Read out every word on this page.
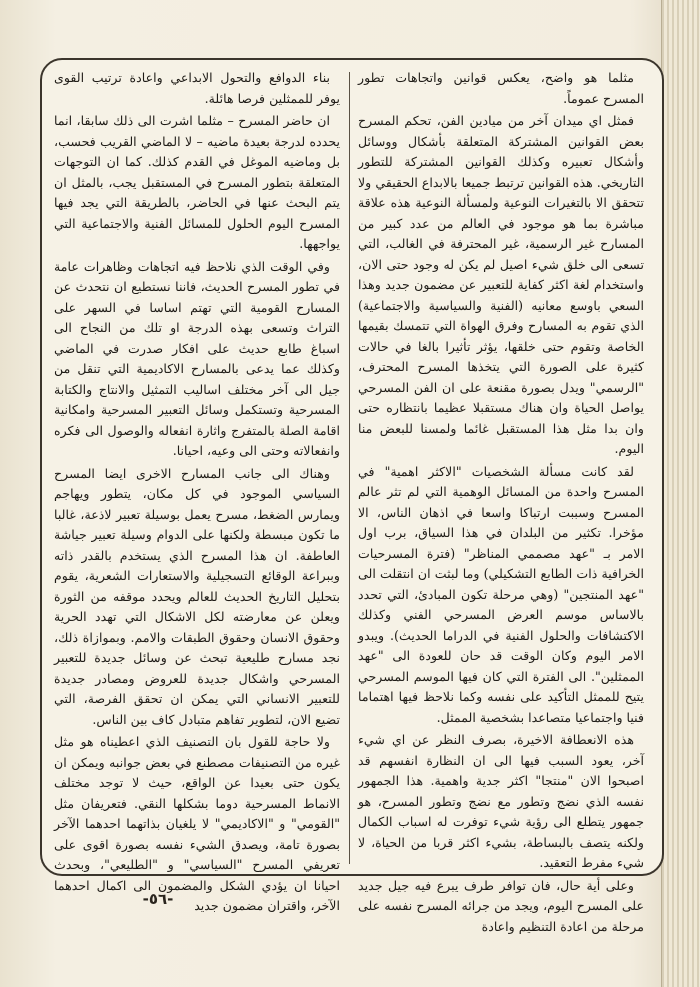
مثلما هو واضح، يعكس قوانين واتجاهات تطور المسرح عموماً.

فمثل اي ميدان آخر من ميادين الفن، تحكم المسرح بعض القوانين المشتركة المتعلقة بأشكال ووسائل وأشكال تعبيره وكذلك القوانين المشتركة للتطور التاريخي. هذه القوانين ترتبط جميعا بالابداع الحقيقي ولا تتحقق الا بالتغيرات النوعية ولمسألة النوعية هذه علاقة مباشرة بما هو موجود في العالم من عدد كبير من المسارح غير الرسمية، غير المحترفة في الغالب، التي تسعى الى خلق شيء اصيل لم يكن له وجود حتى الان، واستخدام لغة اكثر كفاية للتعبير عن مضمون جديد وهذا السعي باوسع معانيه (الفنية والسياسية والاجتماعية) الذي تقوم به المسارح وفرق الهواة التي تتمسك بقيمها الخاصة وتقوم حتى خلقها، يؤثر تأثيرا بالغا في حالات كثيرة على الصورة التي يتخذها المسرح المحترف، "الرسمي" ويدل بصورة مقنعة على ان الفن المسرحي يواصل الحياة وان هناك مستقبلا عظيما بانتظاره حتى وان بدا مثل هذا المستقبل غائما ولمسنا للبعض منا اليوم.

لقد كانت مسألة الشخصيات "الاكثر اهمية" في المسرح واحدة من المسائل الوهمية التي لم تثر عالم المسرح وسببت ارتباكا واسعا في اذهان الناس، الا مؤخرا. تكثير من البلدان في هذا السياق، برب اول الامر بـ "عهد مصممي المناظر" (فترة المسرحيات الخرافية ذات الطابع التشكيلي) وما لبثت ان انتقلت الى "عهد المنتجين" (وهي مرحلة تكون المبادئ، التي تحدد بالاساس موسم العرض المسرحي الفني وكذلك الاكتشافات والحلول الفنية في الدراما الحديث). ويبدو الامر اليوم وكان الوقت قد حان للعودة الى "عهد الممثلين". الى الفترة التي كان فيها الموسم المسرحي يتيح للممثل التأكيد على نفسه وكما نلاحظ فيها اهتماما فنيا واجتماعيا متصاعدا بشخصية الممثل.

هذه الانعطافة الاخيرة، بصرف النظر عن اي شيء آخر، يعود السبب فيها الى ان النظارة انفسهم قد اصبحوا الان "منتجا" اكثر جدية واهمية. هذا الجمهور نفسه الذي نضج وتطور مع نضج وتطور المسرح، هو جمهور يتطلع الى رؤية شيء توفرت له اسباب الكمال ولكنه يتصف بالبساطة، بشيء اكثر قربا من الحياة، لا شيء مفرط التعقيد.

وعلى أية حال، فان توافر طرف يبرع فيه جيل جديد على المسرح اليوم، ويجد من جرائه المسرح نفسه على مرحلة من اعادة التنظيم واعادة

بناء الدوافع والتحول الابداعي واعادة ترتيب القوى يوفر للممثلين فرصا هائلة.

ان حاضر المسرح – مثلما اشرت الى ذلك سابقا، انما يحدده لدرجة بعيدة ماضيه – لا الماضي القريب فحسب، بل وماضيه الموغل في القدم كذلك. كما ان التوجهات المتعلقة بتطور المسرح في المستقبل يجب، بالمثل ان يتم البحث عنها في الحاضر، بالطريقة التي يجد فيها المسرح اليوم الحلول للمسائل الفنية والاجتماعية التي يواجهها.

وفي الوقت الذي نلاحظ فيه اتجاهات وظاهرات عامة في تطور المسرح الحديث، فاننا نستطيع ان نتحدث عن المسارح القومية التي تهتم اساسا في السهر على التراث وتسعى بهذه الدرجة او تلك من النجاح الى اسباغ طابع حديث على افكار صدرت في الماضي وكذلك عما يدعى بالمسارح الاكاديمية التي تنقل من جيل الى آخر مختلف اساليب التمثيل والانتاج والكتابة المسرحية وتستكمل وسائل التعبير المسرحية وامكانية اقامة الصلة بالمتفرج واثارة انفعاله والوصول الى فكره وانفعالاته وحتى الى وعيه، احيانا.

وهناك الى جانب المسارح الاخرى ايضا المسرح السياسي الموجود في كل مكان، يتطور ويهاجم ويمارس الضغط، مسرح يعمل بوسيلة تعبير لاذعة، غالبا ما تكون مبسطة ولكنها على الدوام وسيلة تعبير جياشة العاطفة. ان هذا المسرح الذي يستخدم بالقدر ذاته وببراعة الوقائع التسجيلية والاستعارات الشعرية، يقوم بتحليل التاريخ الحديث للعالم ويحدد موقفه من الثورة ويعلن عن معارضته لكل الاشكال التي تهدد الحرية وحقوق الانسان وحقوق الطبقات والامم. وبموازاة ذلك، نجد مسارح طليعية تبحث عن وسائل جديدة للتعبير المسرحي واشكال جديدة للعروض ومصادر جديدة للتعبير الانساني التي يمكن ان تحقق الفرصة، التي تضيع الان، لتطوير تفاهم متبادل كاف بين الناس.

ولا حاجة للقول بان التصنيف الذي اعطيناه هو مثل غيره من التصنيفات مصطنع في بعض جوانبه ويمكن ان يكون حتى بعيدا عن الواقع، حيث لا توجد مختلف الانماط المسرحية دوما بشكلها النقي. فتعريفان مثل "القومي" و "الاكاديمي" لا يلغيان بذاتهما احدهما الآخر بصورة تامة، ويصدق الشيء نفسه بصورة اقوى على تعريفي المسرح "السياسي" و "الطليعي"، وبحدث احيانا ان يؤدي الشكل والمضمون الى اكمال احدهما الآخر، واقتران مضمون جديد

-٥٦-
